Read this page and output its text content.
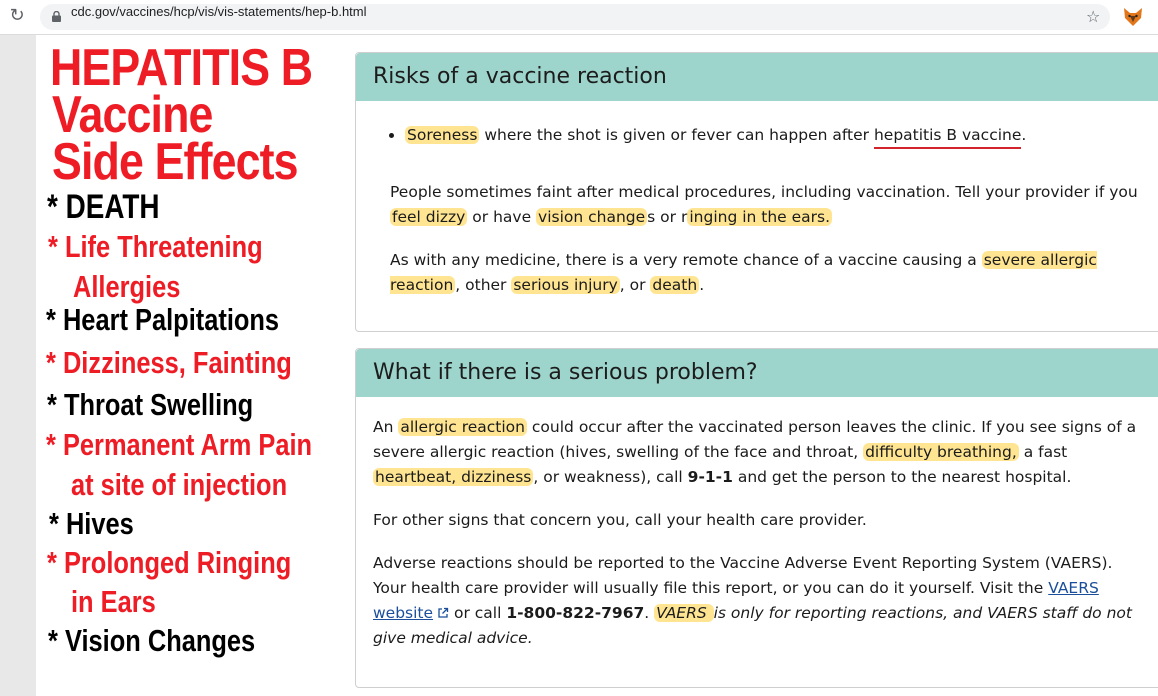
↻	cdc.gov/vaccines/hcp/vis/vis-statements/hep-b.html	☆
HEPATITIS B
Vaccine
Side Effects

* DEATH

* Life Threatening

Allergies

* Heart Palpitations

* Dizziness, Fainting

* Throat Swelling

* Permanent Arm Pain

at site of injection

* Hives

* Prolonged Ringing

in Ears

* Vision Changes

Risks of a vaccine reaction
• Soreness where the shot is given or fever can happen after hepatitis B vaccine.

People sometimes faint after medical procedures, including vaccination. Tell your provider if you feel dizzy or have vision change s or r inging in the ears.

As with any medicine, there is a very remote chance of a vaccine causing a severe allergic reaction , other serious injury , or death .

What if there is a serious problem?

An allergic reaction could occur after the vaccinated person leaves the clinic. If you see signs of a severe allergic reaction (hives, swelling of the face and throat, difficulty breathing, a fast heartbeat, dizziness , or weakness), call 9-1-1 and get the person to the nearest hospital.

For other signs that concern you, call your health care provider.

Adverse reactions should be reported to the Vaccine Adverse Event Reporting System (VAERS). Your health care provider will usually file this report, or you can do it yourself. Visit the VAERS website or call 1-800-822-7967. VAERS is only for reporting reactions, and VAERS staff do not give medical advice.
